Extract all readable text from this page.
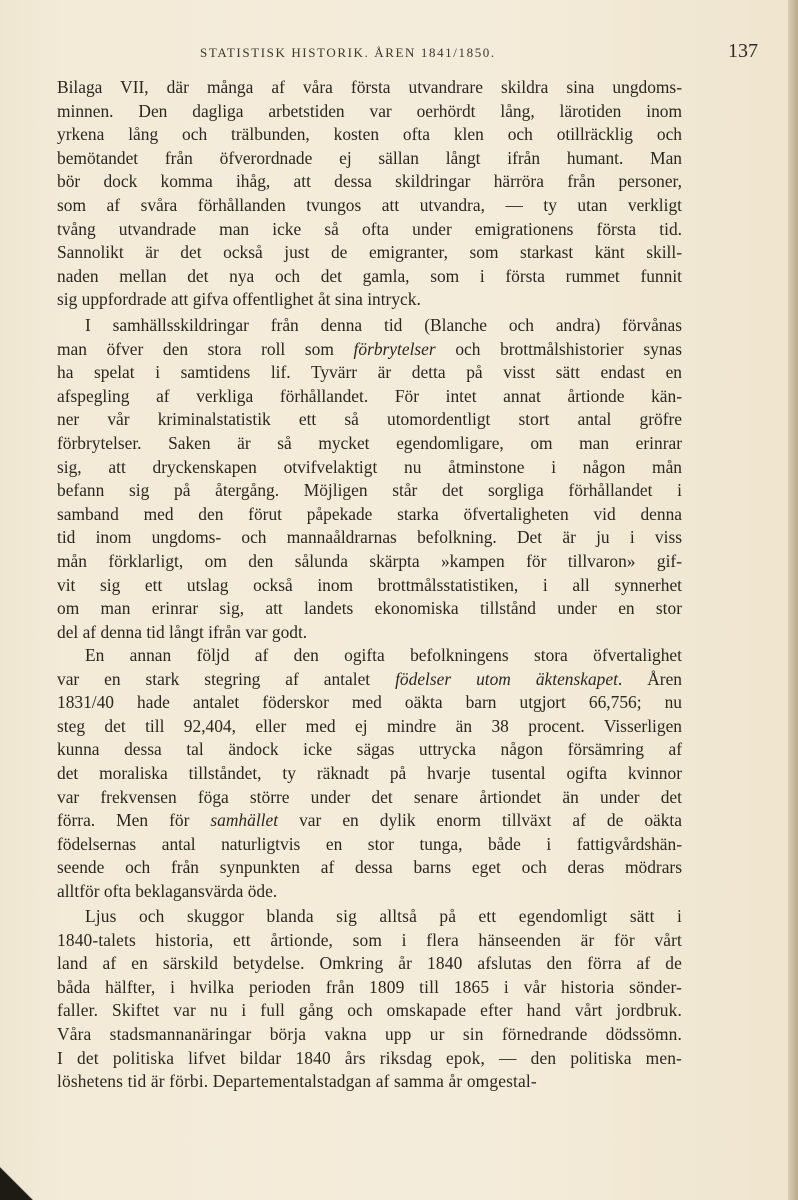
STATISTISK HISTORIK. ÅREN 1841/1850.	137
Bilaga VII, där många af våra första utvandrare skildra sina ungdoms-
minnen. Den dagliga arbetstiden var oerhördt lång, lärotiden inom
yrkena lång och trälbunden, kosten ofta klen och otillräcklig och
bemötandet från öfverordnade ej sällan långt ifrån humant. Man
bör dock komma ihåg, att dessa skildringar härröra från personer,
som af svåra förhållanden tvungos att utvandra, — ty utan verkligt
tvång utvandrade man icke så ofta under emigrationens första tid.
Sannolikt är det också just de emigranter, som starkast känt skill-
naden mellan det nya och det gamla, som i första rummet funnit
sig uppfordrade att gifva offentlighet åt sina intryck.
I samhällsskildringar från denna tid (Blanche och andra) förvånas
man öfver den stora roll som förbrytelser och brottmålshistorier synas
ha spelat i samtidens lif. Tyvärr är detta på visst sätt endast en
afspegling af verkliga förhållandet. För intet annat årtionde kän-
ner vår kriminalstatistik ett så utomordentligt stort antal gröfre
förbrytelser. Saken är så mycket egendomligare, om man erinrar
sig, att dryckenskapen otvifvelaktigt nu åtminstone i någon mån
befann sig på återgång. Möjligen står det sorgliga förhållandet i
samband med den förut påpekade starka öfvertaligheten vid denna
tid inom ungdoms- och mannaåldrarnas befolkning. Det är ju i viss
mån förklarligt, om den sålunda skärpta »kampen för tillvaron» gif-
vit sig ett utslag också inom brottmålsstatistiken, i all synnerhet
om man erinrar sig, att landets ekonomiska tillstånd under en stor
del af denna tid långt ifrån var godt.
En annan följd af den ogifta befolkningens stora öfvertalighet
var en stark stegring af antalet födelser utom äktenskapet. Åren
1831/40 hade antalet föderskor med oäkta barn utgjort 66,756; nu
steg det till 92,404, eller med ej mindre än 38 procent. Visserligen
kunna dessa tal ändock icke sägas uttrycka någon försämring af
det moraliska tillståndet, ty räknadt på hvarje tusental ogifta kvinnor
var frekvensen föga större under det senare årtiondet än under det
förra. Men för samhället var en dylik enorm tillväxt af de oäkta
födelsernas antal naturligtvis en stor tunga, både i fattigvårdshän-
seende och från synpunkten af dessa barns eget och deras mödrars
alltför ofta beklagansvärda öde.
Ljus och skuggor blanda sig alltså på ett egendomligt sätt i
1840-talets historia, ett årtionde, som i flera hänseenden är för vårt
land af en särskild betydelse. Omkring år 1840 afslutas den förra af de
båda hälfter, i hvilka perioden från 1809 till 1865 i vår historia sönder-
faller. Skiftet var nu i full gång och omskapade efter hand vårt jordbruk.
Våra stadsmannanäringar börja vakna upp ur sin förnedrande dödssömn.
I det politiska lifvet bildar 1840 års riksdag epok, — den politiska men-
löshetens tid är förbi. Departementalstadgan af samma år omgestal-
